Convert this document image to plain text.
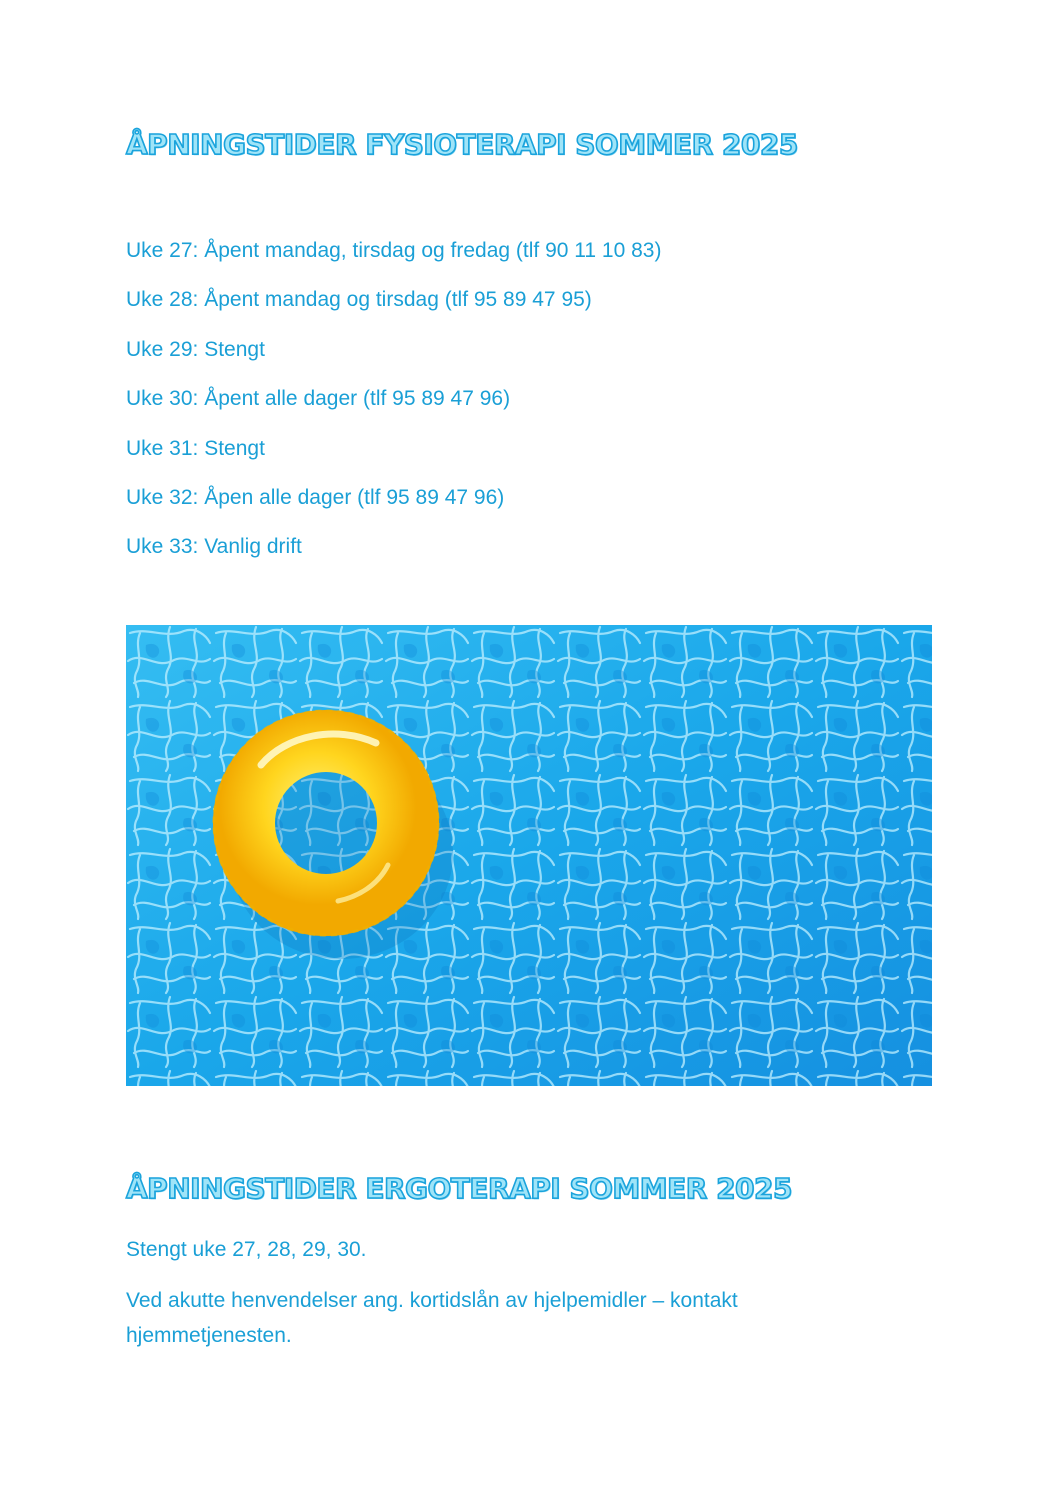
ÅPNINGSTIDER FYSIOTERAPI SOMMER 2025
Uke 27: Åpent mandag, tirsdag og fredag (tlf 90 11 10 83)
Uke 28: Åpent mandag og tirsdag (tlf 95 89 47 95)
Uke 29: Stengt
Uke 30: Åpent alle dager (tlf 95 89 47 96)
Uke 31: Stengt
Uke 32: Åpen alle dager (tlf 95 89 47 96)
Uke 33: Vanlig drift
ÅPNINGSTIDER ERGOTERAPI SOMMER 2025

Stengt uke 27, 28, 29, 30.

Ved akutte henvendelser ang. kortidslån av hjelpemidler – kontakt hjemmetjenesten.
